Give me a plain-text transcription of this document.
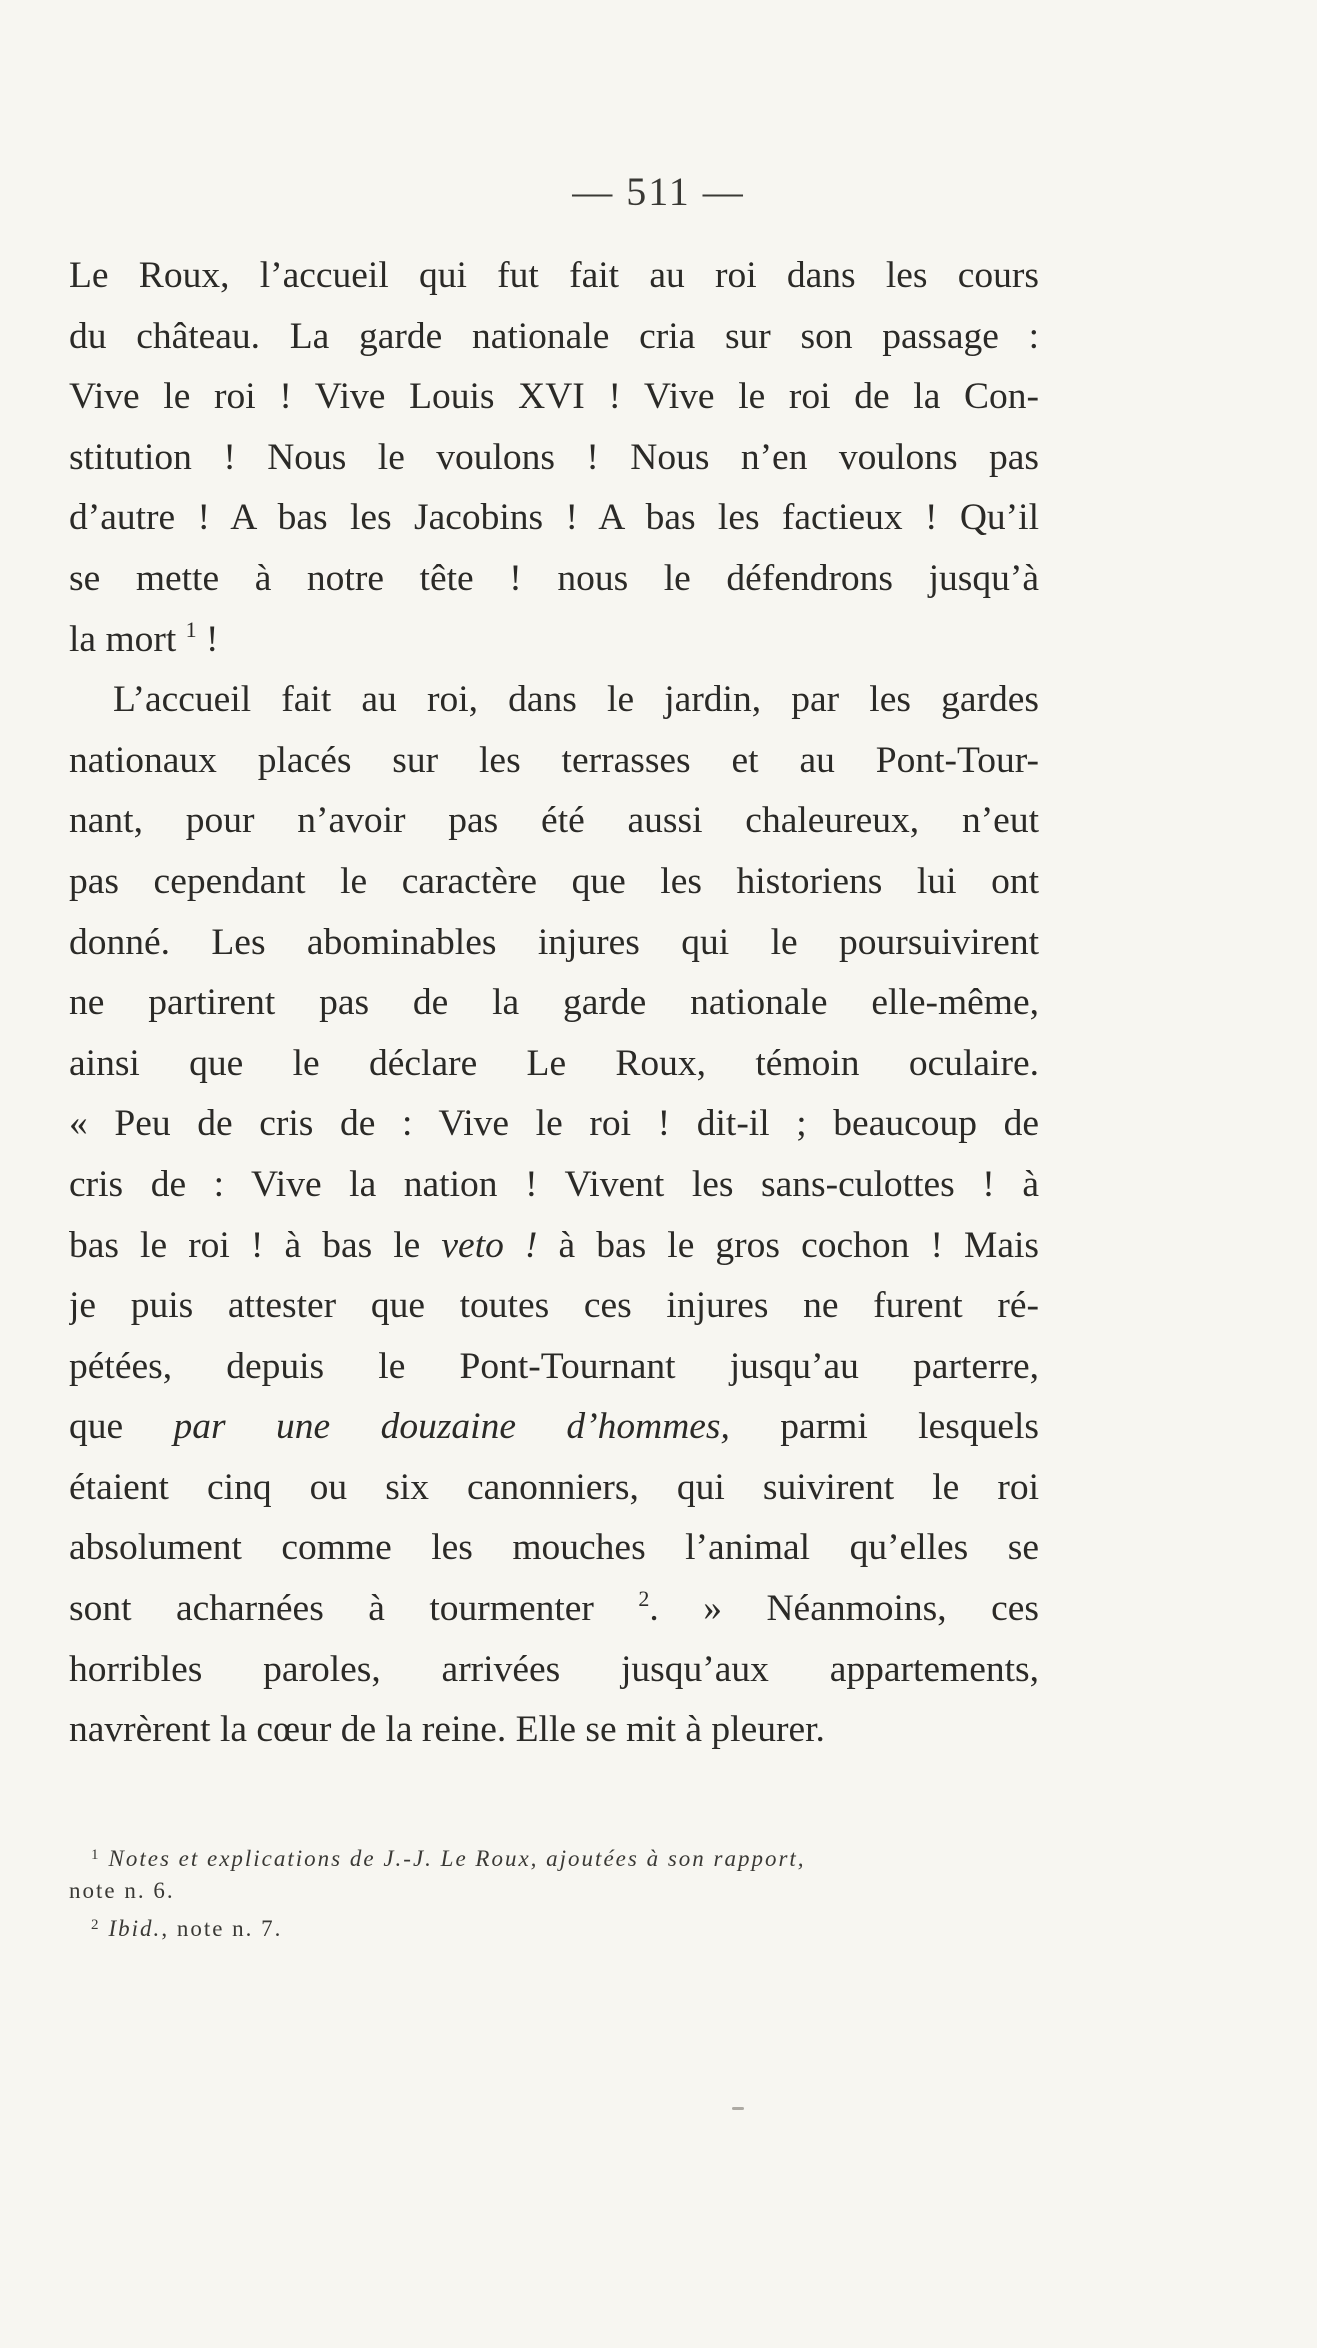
— 511 —
Le Roux, l’accueil qui fut fait au roi dans les cours
du château. La garde nationale cria sur son passage :
Vive le roi ! Vive Louis XVI ! Vive le roi de la Con-
stitution ! Nous le voulons ! Nous n’en voulons pas
d’autre ! A bas les Jacobins ! A bas les factieux ! Qu’il
se mette à notre tête ! nous le défendrons jusqu’à
la mort $^1$ !
L’accueil fait au roi, dans le jardin, par les gardes
nationaux placés sur les terrasses et au Pont-Tour-
nant, pour n’avoir pas été aussi chaleureux, n’eut
pas cependant le caractère que les historiens lui ont
donné. Les abominables injures qui le poursuivirent
ne partirent pas de la garde nationale elle-même,
ainsi que le déclare Le Roux, témoin oculaire.
« Peu de cris de : Vive le roi ! dit-il ; beaucoup de
cris de : Vive la nation ! Vivent les sans-culottes ! à
bas le roi ! à bas le veto ! à bas le gros cochon ! Mais
je puis attester que toutes ces injures ne furent ré-
pétées, depuis le Pont-Tournant jusqu’au parterre,
que par une douzaine d’hommes, parmi lesquels
étaient cinq ou six canonniers, qui suivirent le roi
absolument comme les mouches l’animal qu’elles se
sont acharnées à tourmenter $^2$. » Néanmoins, ces
horribles paroles, arrivées jusqu’aux appartements,
navrèrent la cœur de la reine. Elle se mit à pleurer.
$^1$ Notes et explications de J.-J. Le Roux, ajoutées à son rapport,
note n. 6.
$^2$ Ibid., note n. 7.
